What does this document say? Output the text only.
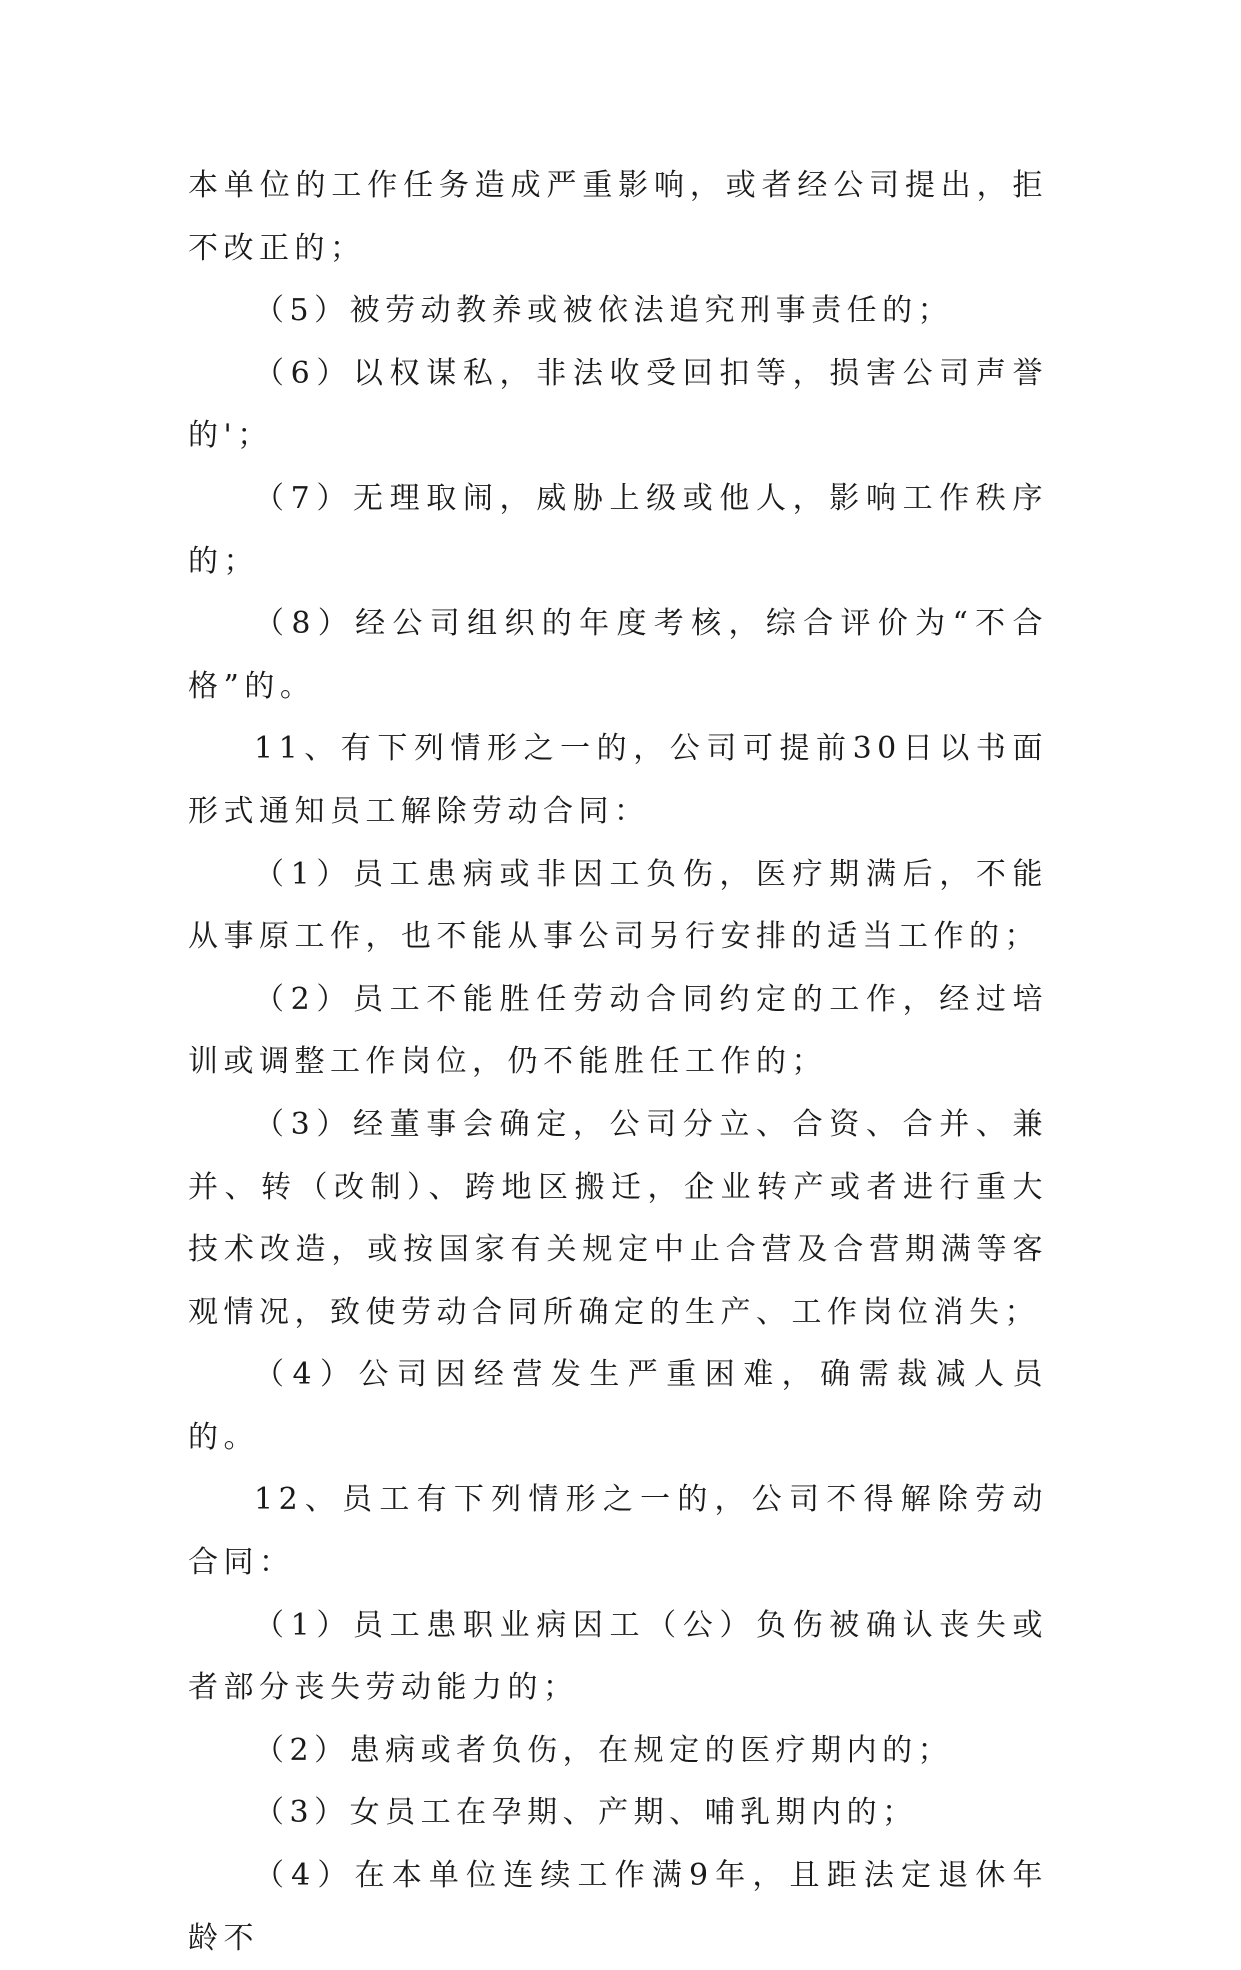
本单位的工作任务造成严重影响，或者经公司提出，拒不改正的；

（5）被劳动教养或被依法追究刑事责任的；

（6）以权谋私，非法收受回扣等，损害公司声誉的'；

（7）无理取闹，威胁上级或他人，影响工作秩序的；

（8）经公司组织的年度考核，综合评价为“不合格”的。

11、有下列情形之一的，公司可提前30日以书面形式通知员工解除劳动合同：

（1）员工患病或非因工负伤，医疗期满后，不能从事原工作，也不能从事公司另行安排的适当工作的；

（2）员工不能胜任劳动合同约定的工作，经过培训或调整工作岗位，仍不能胜任工作的；

（3）经董事会确定，公司分立、合资、合并、兼并、转（改制）、跨地区搬迁，企业转产或者进行重大技术改造，或按国家有关规定中止合营及合营期满等客观情况，致使劳动合同所确定的生产、工作岗位消失；

（4）公司因经营发生严重困难，确需裁减人员的。

12、员工有下列情形之一的，公司不得解除劳动合同：

（1）员工患职业病因工（公）负伤被确认丧失或者部分丧失劳动能力的；

（2）患病或者负伤，在规定的医疗期内的；

（3）女员工在孕期、产期、哺乳期内的；

（4）在本单位连续工作满9年，且距法定退休年龄不
